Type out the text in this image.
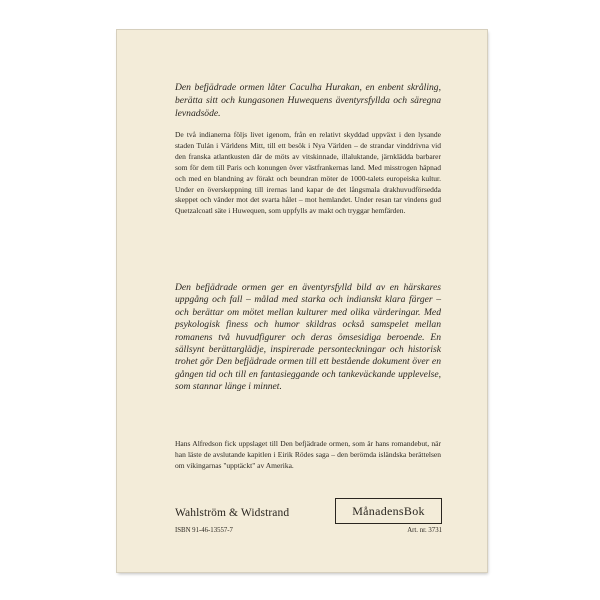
Den befjädrade ormen låter Caculha Hurakan, en enbent skråling, berätta sitt och kungasonen Huwequens äventyrsfyllda och säregna levnadsöde.

De två indianerna följs livet igenom, från en relativt skyddad uppväxt i den lysande staden Tulán i Världens Mitt, till ett besök i Nya Världen – de strandar vinddrivna vid den franska atlantkusten där de möts av vitskinnade, illaluktande, järnklädda barbarer som för dem till Paris och konungen över västfrankernas land. Med misstrogen häpnad och med en blandning av förakt och beundran möter de 1000-talets europeiska kultur. Under en överskeppning till irernas land kapar de det långsmala drakhuvudförsedda skeppet och vänder mot det svarta hålet – mot hemlandet. Under resan tar vindens gud Quetzalcoatl säte i Huwequen, som uppfylls av makt och tryggar hemfärden.

Den befjädrade ormen ger en äventyrsfylld bild av en härskares uppgång och fall – målad med starka och indianskt klara färger – och berättar om mötet mellan kulturer med olika värderingar. Med psykologisk finess och humor skildras också samspelet mellan romanens två huvudfigurer och deras ömsesidiga beroende. En sällsynt berättarglädje, inspirerade personteckningar och historisk trohet gör Den befjädrade ormen till ett bestående dokument över en gången tid och till en fantasieggande och tankeväckande upplevelse, som stannar länge i minnet.

Hans Alfredson fick uppslaget till Den befjädrade ormen, som är hans romandebut, när han läste de avslutande kapitlen i Eirik Rödes saga – den berömda isländska berättelsen om vikingarnas "upptäckt" av Amerika.

Wahlström & Widstrand	MånadensBok
ISBN 91-46-13557-7	Art. nr. 3731
